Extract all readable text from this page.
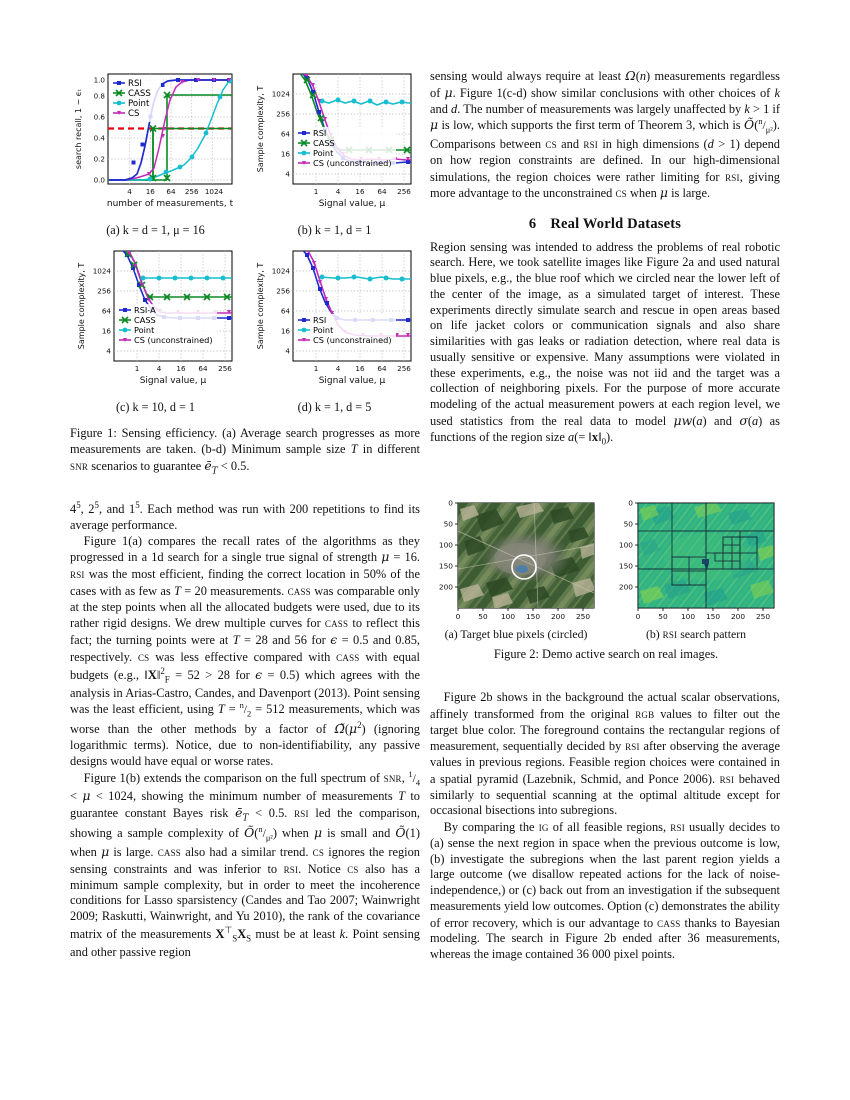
RSI
CASS
Point
CS
0.0
0.2
0.4
0.6
0.8
1.0
4 16 64 256 1024
number of measurements, t
search recall, 1 − ϵₜ
(a) k = d = 1, μ = 16
RSI
CASS
Point
CS (unconstrained)
4
16
64
256
1024
1 4 16 64 256
Signal value, μ
Sample complexity, T
(b) k = 1, d = 1
RSI-A
CASS
Point
CS (unconstrained)
4
16
64
256
1024
1 4 16 64 256
Signal value, μ
Sample complexity, T
(c) k = 10, d = 1
RSI
Point
CS (unconstrained)
4
16
64
256
1024
1 4 16 64 256
Signal value, μ
Sample complexity, T
(d) k = 1, d = 5
Figure 1: Sensing efficiency. (a) Average search progresses as more measurements are taken. (b-d) Minimum sample size T in different snr scenarios to guarantee $ē_T < 0.5$.

$4^5$, $2^5$, and $1^5$. Each method was run with 200 repetitions to find its average performance.

Figure 1(a) compares the recall rates of the algorithms as they progressed in a 1d search for a single true signal of strength μ = 16. rsi was the most efficient, finding the correct location in 50% of the cases with as few as T = 20 measurements. cass was comparable only at the step points when all the allocated budgets were used, due to its rather rigid designs. We drew multiple curves for cass to reflect this fact; the turning points were at T = 28 and 56 for ϵ = 0.5 and 0.85, respectively. cs was less effective compared with cass with equal budgets (e.g., ‖X‖$^2_F$ = 52 > 28 for ϵ = 0.5) which agrees with the analysis in Arias-Castro, Candes, and Davenport (2013). Point sensing was the least efficient, using $T = ^n/_2 = 512$ measurements, which was worse than the other methods by a factor of $\Omegã(\mu^2)$ (ignoring logarithmic terms). Notice, due to non-identifiability, any passive designs would have equal or worse rates.

Figure 1(b) extends the comparison on the full spectrum of snr, $^1/_4 < \mu < 1024$, showing the minimum number of measurements T to guarantee constant Bayes risk $ē_T < 0.5$. rsi led the comparison, showing a sample complexity of $Õ(^n/_{\mu^2})$ when μ is small and Õ(1) when μ is large. cass also had a similar trend. cs ignores the region sensing constraints and was inferior to rsi. Notice cs also has a minimum sample complexity, but in order to meet the incoherence conditions for Lasso sparsistency (Candes and Tao 2007; Wainwright 2009; Raskutti, Wainwright, and Yu 2010), the rank of the covariance matrix of the measurements $X^⊤_SX_S$ must be at least k. Point sensing and other passive region

sensing would always require at least Ω(n) measurements regardless of μ. Figure 1(c-d) show similar conclusions with other choices of k and d. The number of measurements was largely unaffected by k > 1 if μ is low, which supports the first term of Theorem 3, which is $Õ(^n/_{\mu^2})$. Comparisons between cs and rsi in high dimensions (d > 1) depend on how region constraints are defined. In our high-dimensional simulations, the region choices were rather limiting for rsi, giving more advantage to the unconstrained cs when μ is large.

6 Real World Datasets

Region sensing was intended to address the problems of real robotic search. Here, we took satellite images like Figure 2a and used natural blue pixels, e.g., the blue roof which we circled near the lower left of the center of the image, as a simulated target of interest. These experiments directly simulate search and rescue in open areas based on life jacket colors or communication signals and also share similarities with gas leaks or radiation detection, where real data is usually sensitive or expensive. Many assumptions were violated in these experiments, e.g., the noise was not iid and the target was a collection of neighboring pixels. For the purpose of more accurate modeling of the actual measurement powers at each region level, we used statistics from the real data to model μw(a) and σ(a) as functions of the region size $a(= ‖x‖_0)$.

0
50
100
150
200
0 50 100 150 200 250
(a) Target blue pixels (circled)
0
50
100
150
200
0 50 100 150 200 250
(b) rsi search pattern
Figure 2: Demo active search on real images.

Figure 2b shows in the background the actual scalar observations, affinely transformed from the original rgb values to filter out the target blue color. The foreground contains the rectangular regions of measurement, sequentially decided by rsi after observing the average values in previous regions. Feasible region choices were contained in a spatial pyramid (Lazebnik, Schmid, and Ponce 2006). rsi behaved similarly to sequential scanning at the optimal altitude except for occasional bisections into subregions.

By comparing the ig of all feasible regions, rsi usually decides to (a) sense the next region in space when the previous outcome is low, (b) investigate the subregions when the last parent region yields a large outcome (we disallow repeated actions for the lack of noise-independence,) or (c) back out from an investigation if the subsequent measurements yield low outcomes. Option (c) demonstrates the ability of error recovery, which is our advantage to cass thanks to Bayesian modeling. The search in Figure 2b ended after 36 measurements, whereas the image contained 36 000 pixel points.
